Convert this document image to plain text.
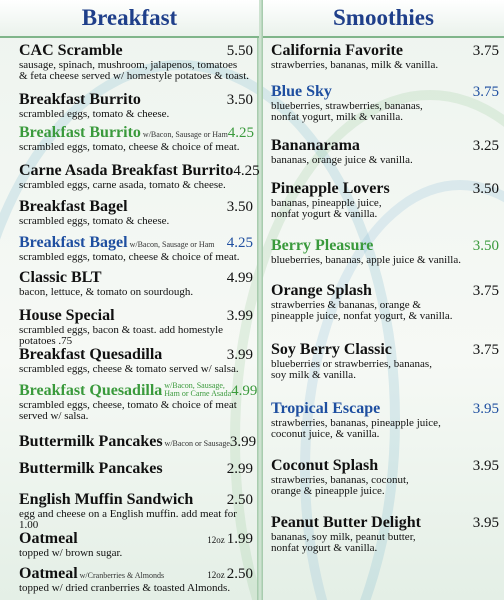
Breakfast
CAC Scramble	5.50
sausage, spinach, mushroom, jalapenos, tomatoes
& feta cheese served w/ homestyle potatoes & toast.
Breakfast Burrito	3.50
scrambled eggs, tomato & cheese.
Breakfast Burrito w/Bacon, Sausage or Ham 4.25
scrambled eggs, tomato, cheese & choice of meat.
Carne Asada Breakfast Burrito 4.25
scrambled eggs, carne asada, tomato & cheese.
Breakfast Bagel	3.50
scrambled eggs, tomato & cheese.
Breakfast Bagel w/Bacon, Sausage or Ham 4.25
scrambled eggs, tomato, cheese & choice of meat.
Classic BLT	4.99
bacon, lettuce, & tomato on sourdough.
House Special	3.99
scrambled eggs, bacon & toast. add homestyle potatoes .75
Breakfast Quesadilla	3.99
scrambled eggs, cheese & tomato served w/ salsa.
Breakfast Quesadilla w/Bacon, Sausage,
Ham or Carne Asada 4.99
scrambled eggs, cheese, tomato & choice of meat
served w/ salsa.
Buttermilk Pancakes w/Bacon or Sausage 3.99
Buttermilk Pancakes	2.99
English Muffin Sandwich 2.50
egg and cheese on a English muffin. add meat for 1.00
Oatmeal	12oz 1.99
topped w/ brown sugar.
Oatmeal w/Cranberries & Almonds	12oz 2.50
topped w/ dried cranberries & toasted Almonds.
Smoothies
California Favorite	3.75
strawberries, bananas, milk & vanilla.
Blue Sky	3.75
blueberries, strawberries, bananas,
nonfat yogurt, milk & vanilla.
Bananarama	3.25
bananas, orange juice & vanilla.
Pineapple Lovers	3.50
bananas, pineapple juice,
nonfat yogurt & vanilla.
Berry Pleasure	3.50
blueberries, bananas, apple juice & vanilla.
Orange Splash	3.75
strawberries & bananas, orange &
pineapple juice, nonfat yogurt, & vanilla.
Soy Berry Classic	3.75
blueberries or strawberries, bananas,
soy milk & vanilla.
Tropical Escape	3.95
strawberries, bananas, pineapple juice,
coconut juice, & vanilla.
Coconut Splash	3.95
strawberries, bananas, coconut,
orange & pineapple juice.
Peanut Butter Delight	3.95
bananas, soy milk, peanut butter,
nonfat yogurt & vanilla.
